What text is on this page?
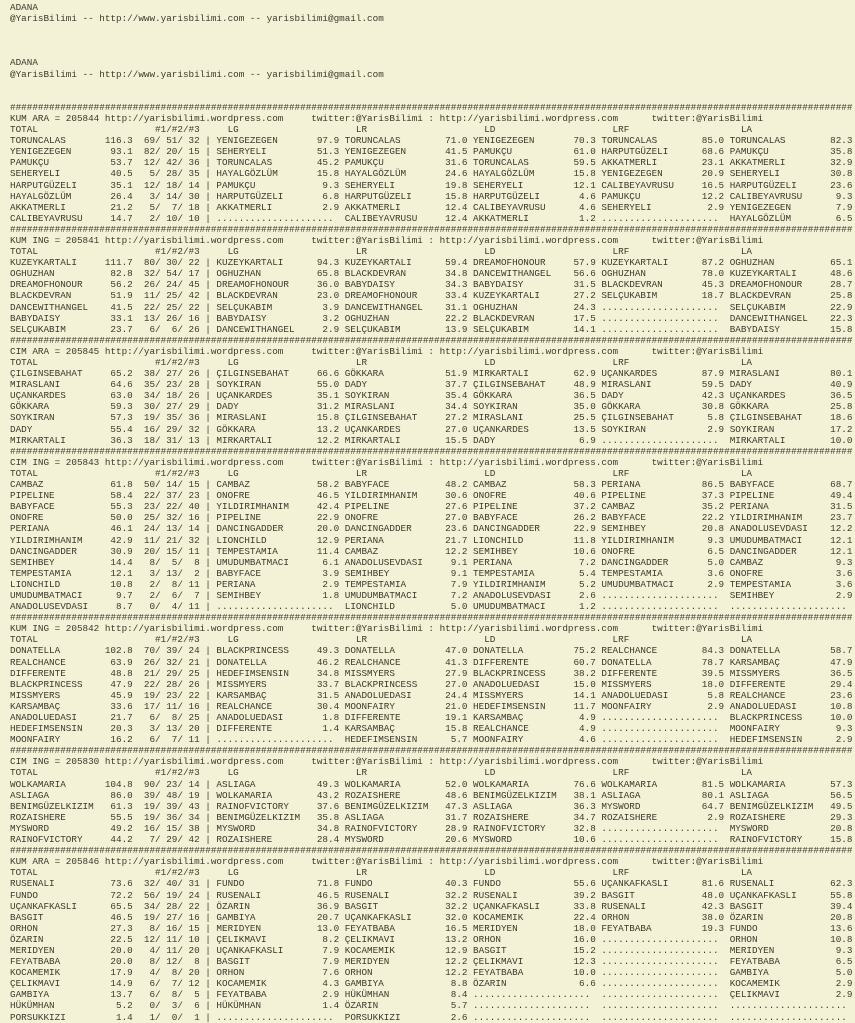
ADANA
@YarisBilimi -- http://www.yarisbilimi.com -- yarisbilimi@gmail.com
ADANA
@YarisBilimi -- http://www.yarisbilimi.com -- yarisbilimi@gmail.com
#######################################################################################################################################################
KUM ARA = 205844 http://yarisbilimi.wordpress.com     twitter:@YarisBilimi : http://yarisbilimi.wordpress.com      twitter:@YarisBilimi
TOTAL                     #1/#2/#3     LG                     LR                     LD                     LRF                    LA
TORUNCALAS       116.3  69/ 51/ 32 | YENIGEZEGEN       97.9 TORUNCALAS        71.0 YENIGEZEGEN       70.3 TORUNCALAS        85.0 TORUNCALAS        82.3
YENIGEZEGEN       93.1  82/ 20/ 15 | SEHERYELI         51.3 YENIGEZEGEN       41.5 PAMUKÇU           61.0 HARPUTGÜZELI      68.6 PAMUKÇU           35.8
PAMUKÇU           53.7  12/ 42/ 36 | TORUNCALAS        45.2 PAMUKÇU           31.6 TORUNCALAS        59.5 AKKATMERLI        23.1 AKKATMERLI        32.9
SEHERYELI         40.5   5/ 28/ 35 | HAYALGÖZLÜM       15.8 HAYALGÖZLÜM       24.6 HAYALGÖZLÜM       15.8 YENIGEZEGEN       20.9 SEHERYELI         30.8
HARPUTGÜZELI      35.1  12/ 18/ 14 | PAMUKÇU            9.3 SEHERYELI         19.8 SEHERYELI         12.1 CALIBEYAVRUSU     16.5 HARPUTGÜZELI      23.6
HAYALGÖZLÜM       26.4   3/ 14/ 30 | HARPUTGÜZELI       6.8 HARPUTGÜZELI      15.8 HARPUTGÜZELI       4.6 PAMUKÇU           12.2 CALIBEYAVRUSU      9.3
AKKATMERLI        21.2   5/  7/ 18 | AKKATMERLI         2.9 AKKATMERLI        12.4 CALIBEYAVRUSU      4.6 SEHERYELI          2.9 YENIGEZEGEN        7.9
CALIBEYAVRUSU     14.7   2/ 10/ 10 | .....................  CALIBEYAVRUSU     12.4 AKKATMERLI         1.2 .....................  HAYALGÖZLÜM        6.5
#######################################################################################################################################################
KUM ING = 205841 http://yarisbilimi.wordpress.com     twitter:@YarisBilimi : http://yarisbilimi.wordpress.com      twitter:@YarisBilimi
TOTAL                     #1/#2/#3     LG                     LR                     LD                     LRF                    LA
KUZEYKARTALI     111.7  80/ 30/ 22 | KUZEYKARTALI      94.3 KUZEYKARTALI      59.4 DREAMOFHONOUR     57.9 KUZEYKARTALI      87.2 OGHUZHAN          65.1
OGHUZHAN          82.8  32/ 54/ 17 | OGHUZHAN          65.8 BLACKDEVRAN       34.8 DANCEWITHANGEL    56.6 OGHUZHAN          78.0 KUZEYKARTALI      48.6
DREAMOFHONOUR     56.2  26/ 24/ 45 | DREAMOFHONOUR     36.0 BABYDAISY         34.3 BABYDAISY         31.5 BLACKDEVRAN       45.3 DREAMOFHONOUR     28.7
BLACKDEVRAN       51.9  11/ 25/ 42 | BLACKDEVRAN       23.0 DREAMOFHONOUR     33.4 KUZEYKARTALI      27.2 SELÇUKABIM        18.7 BLACKDEVRAN       25.8
DANCEWITHANGEL    41.5  22/ 25/ 22 | SELÇUKABIM         3.9 DANCEWITHANGEL    31.1 OGHUZHAN          24.3 .....................  SELÇUKABIM        22.9
BABYDAISY         33.1  13/ 26/ 16 | BABYDAISY          3.2 OGHUZHAN          22.2 BLACKDEVRAN       17.5 .....................  DANCEWITHANGEL    22.3
SELÇUKABIM        23.7   6/  6/ 26 | DANCEWITHANGEL     2.9 SELÇUKABIM        13.9 SELÇUKABIM        14.1 .....................  BABYDAISY         15.8
#######################################################################################################################################################
CIM ARA = 205845 http://yarisbilimi.wordpress.com     twitter:@YarisBilimi : http://yarisbilimi.wordpress.com      twitter:@YarisBilimi
TOTAL                     #1/#2/#3     LG                     LR                     LD                     LRF                    LA
ÇILGINSEBAHAT     65.2  38/ 27/ 26 | ÇILGINSEBAHAT     66.6 GÖKKARA           51.9 MIRKARTALI        62.9 UÇANKARDES        87.9 MIRASLANI         80.1
MIRASLANI         64.6  35/ 23/ 28 | SOYKIRAN          55.0 DADY              37.7 ÇILGINSEBAHAT     48.9 MIRASLANI         59.5 DADY              40.9
UÇANKARDES        63.0  34/ 18/ 26 | UÇANKARDES        35.1 SOYKIRAN          35.4 GÖKKARA           36.5 DADY              42.3 UÇANKARDES        36.5
GÖKKARA           59.3  30/ 27/ 29 | DADY              31.2 MIRASLANI         34.4 SOYKIRAN          35.0 GÖKKARA           30.8 GÖKKARA           25.8
SOYKIRAN          57.3  19/ 35/ 36 | MIRASLANI         15.8 ÇILGINSEBAHAT     27.2 MIRASLANI         25.5 ÇILGINSEBAHAT      5.8 ÇILGINSEBAHAT     18.6
DADY              55.4  16/ 29/ 32 | GÖKKARA           13.2 UÇANKARDES        27.0 UÇANKARDES        13.5 SOYKIRAN           2.9 SOYKIRAN          17.2
MIRKARTALI        36.3  18/ 31/ 13 | MIRKARTALI        12.2 MIRKARTALI        15.5 DADY               6.9 .....................  MIRKARTALI        10.0
#######################################################################################################################################################
CIM ING = 205843 http://yarisbilimi.wordpress.com     twitter:@YarisBilimi : http://yarisbilimi.wordpress.com      twitter:@YarisBilimi
TOTAL                     #1/#2/#3     LG                     LR                     LD                     LRF                    LA
CAMBAZ            61.8  50/ 14/ 15 | CAMBAZ            58.2 BABYFACE          48.2 CAMBAZ            58.3 PERIANA           86.5 BABYFACE          68.7
PIPELINE          58.4  22/ 37/ 23 | ONOFRE            46.5 YILDIRIMHANIM     30.6 ONOFRE            40.6 PIPELINE          37.3 PIPELINE          49.4
BABYFACE          55.3  23/ 22/ 40 | YILDIRIMHANIM     42.4 PIPELINE          27.6 PIPELINE          37.2 CAMBAZ            35.2 PERIANA           31.5
ONOFRE            50.0  25/ 32/ 16 | PIPELINE          22.9 ONOFRE            27.0 BABYFACE          26.2 BABYFACE          22.2 YILDIRIMHANIM     23.7
PERIANA           46.1  24/ 13/ 14 | DANCINGADDER      20.0 DANCINGADDER      23.6 DANCINGADDER      22.9 SEMIHBEY          20.8 ANADOLUSEVDASI    12.2
YILDIRIMHANIM     42.9  11/ 21/ 32 | LIONCHILD         12.9 PERIANA           21.7 LIONCHILD         11.8 YILDIRIMHANIM      9.3 UMUDUMBATMACI     12.1
DANCINGADDER      30.9  20/ 15/ 11 | TEMPESTAMIA       11.4 CAMBAZ            12.2 SEMIHBEY          10.6 ONOFRE             6.5 DANCINGADDER      12.1
SEMIHBEY          14.4   8/  5/  8 | UMUDUMBATMACI      6.1 ANADOLUSEVDASI     9.1 PERIANA            7.2 DANCINGADDER       5.0 CAMBAZ             9.3
TEMPESTAMIA       12.1   3/ 13/  2 | BABYFACE           3.9 SEMIHBEY           9.1 TEMPESTAMIA        5.4 TEMPESTAMIA        3.6 ONOFRE             3.6
LIONCHILD         10.8   2/  8/ 11 | PERIANA            2.9 TEMPESTAMIA        7.9 YILDIRIMHANIM      5.2 UMUDUMBATMACI      2.9 TEMPESTAMIA        3.6
UMUDUMBATMACI      9.7   2/  6/  7 | SEMIHBEY           1.8 UMUDUMBATMACI      7.2 ANADOLUSEVDASI     2.6 .....................  SEMIHBEY           2.9
ANADOLUSEVDASI     8.7   0/  4/ 11 | .....................  LIONCHILD          5.0 UMUDUMBATMACI      1.2 .....................  .....................
#######################################################################################################################################################
KUM ING = 205842 http://yarisbilimi.wordpress.com     twitter:@YarisBilimi : http://yarisbilimi.wordpress.com      twitter:@YarisBilimi
TOTAL                     #1/#2/#3     LG                     LR                     LD                     LRF                    LA
DONATELLA        102.8  70/ 39/ 24 | BLACKPRINCESS     49.3 DONATELLA         47.0 DONATELLA         75.2 REALCHANCE        84.3 DONATELLA         58.7
REALCHANCE        63.9  26/ 32/ 21 | DONATELLA         46.2 REALCHANCE        41.3 DIFFERENTE        60.7 DONATELLA         78.7 KARSAMBAÇ         47.9
DIFFERENTE        48.8  21/ 29/ 25 | HEDEFIMSENSIN     34.8 MISSMYERS         27.9 BLACKPRINCESS     38.2 DIFFERENTE        39.5 MISSMYERS         36.5
BLACKPRINCESS     47.9  22/ 28/ 26 | MISSMYERS         33.7 BLACKPRINCESS     27.0 ANADOLUEDASI      15.0 MISSMYERS         18.0 DIFFERENTE        29.4
MISSMYERS         45.9  19/ 23/ 22 | KARSAMBAÇ         31.5 ANADOLUEDASI      24.4 MISSMYERS         14.1 ANADOLUEDASI       5.8 REALCHANCE        23.6
KARSAMBAÇ         33.6  17/ 11/ 16 | REALCHANCE        30.4 MOONFAIRY         21.0 HEDEFIMSENSIN     11.7 MOONFAIRY          2.9 ANADOLUEDASI      10.8
ANADOLUEDASI      21.7   6/  8/ 25 | ANADOLUEDASI       1.8 DIFFERENTE        19.1 KARSAMBAÇ          4.9 .....................  BLACKPRINCESS     10.0
HEDEFIMSENSIN     20.3   3/ 13/ 20 | DIFFERENTE         1.4 KARSAMBAÇ         15.8 REALCHANCE         4.9 .....................  MOONFAIRY          9.3
MOONFAIRY         16.2   6/  7/ 11 | .....................  HEDEFIMSENSIN      5.7 MOONFAIRY          4.6 .....................  HEDEFIMSENSIN      2.9
#######################################################################################################################################################
CIM ING = 205830 http://yarisbilimi.wordpress.com     twitter:@YarisBilimi : http://yarisbilimi.wordpress.com      twitter:@YarisBilimi
TOTAL                     #1/#2/#3     LG                     LR                     LD                     LRF                    LA
WOLKAMARIA       104.8  90/ 23/ 14 | ASLIAGA           49.3 WOLKAMARIA        52.0 WOLKAMARIA        76.6 WOLKAMARIA        81.5 WOLKAMARIA        57.3
ASLIAGA           86.0  39/ 48/ 19 | WOLKAMARIA        43.2 ROZAISHERE        48.6 BENIMGÜZELKIZIM   38.1 ASLIAGA           80.1 ASLIAGA           56.5
BENIMGÜZELKIZIM   61.3  19/ 39/ 43 | RAINOFVICTORY     37.6 BENIMGÜZELKIZIM   47.3 ASLIAGA           36.3 MYSWORD           64.7 BENIMGÜZELKIZIM   49.5
ROZAISHERE        55.5  19/ 36/ 34 | BENIMGÜZELKIZIM   35.8 ASLIAGA           31.7 ROZAISHERE        34.7 ROZAISHERE         2.9 ROZAISHERE        29.3
MYSWORD           49.2  16/ 15/ 38 | MYSWORD           34.8 RAINOFVICTORY     28.9 RAINOFVICTORY     32.8 .....................  MYSWORD           20.8
RAINOFVICTORY     44.2   7/ 29/ 42 | ROZAISHERE        28.4 MYSWORD           20.6 MYSWORD           10.6 .....................  RAINOFVICTORY     15.8
#######################################################################################################################################################
KUM ARA = 205846 http://yarisbilimi.wordpress.com     twitter:@YarisBilimi : http://yarisbilimi.wordpress.com      twitter:@YarisBilimi
TOTAL                     #1/#2/#3     LG                     LR                     LD                     LRF                    LA
RUSENALI          73.6  32/ 40/ 31 | FUNDO             71.8 FUNDO             40.3 FUNDO             55.6 UÇANKAFKASLI      81.6 RUSENALI          62.3
FUNDO             72.2  56/ 19/ 24 | RUSENALI          46.5 RUSENALI          32.2 RUSENALI          39.2 BASGIT            48.0 UÇANKAFKASLI      55.8
UÇANKAFKASLI      65.5  34/ 28/ 22 | ÖZARIN            36.9 BASGIT            32.2 UÇANKAFKASLI      33.8 RUSENALI          42.3 BASGIT            39.4
BASGIT            46.5  19/ 27/ 16 | GAMBIYA           20.7 UÇANKAFKASLI      32.0 KOCAMEMIK         22.4 ORHON             38.0 ÖZARIN            20.8
ORHON             27.3   8/ 16/ 15 | MERIDYEN          13.0 FEYATBABA         16.5 MERIDYEN          18.0 FEYATBABA         19.3 FUNDO             13.6
ÖZARIN            22.5  12/ 11/ 10 | ÇELIKMAVI          8.2 ÇELIKMAVI         13.2 ORHON             16.0 .....................  ORHON             10.8
MERIDYEN          20.0   4/ 11/ 20 | UÇANKAFKASLI       7.9 KOCAMEMIK         12.9 BASGIT            15.2 .....................  MERIDYEN           9.3
FEYATBABA         20.0   8/ 12/  8 | BASGIT             7.9 MERIDYEN          12.2 ÇELIKMAVI         12.3 .....................  FEYATBABA          6.5
KOCAMEMIK         17.9   4/  8/ 20 | ORHON              7.6 ORHON             12.2 FEYATBABA         10.0 .....................  GAMBIYA            5.0
ÇELIKMAVI         14.9   6/  7/ 12 | KOCAMEMIK          4.3 GAMBIYA            8.8 ÖZARIN             6.6 .....................  KOCAMEMIK          2.9
GAMBIYA           13.7   6/  8/  5 | FEYATBABA          2.9 HÜKÜMHAN           8.4 .....................  .....................  ÇELIKMAVI          2.9
HÜKÜMHAN           5.2   0/  3/  6 | HÜKÜMHAN           1.4 ÖZARIN             5.7 .....................  .....................  .....................
PORSUKKIZI         1.4   1/  0/  1 | .....................  PORSUKKIZI         2.6 .....................  .....................  .....................
